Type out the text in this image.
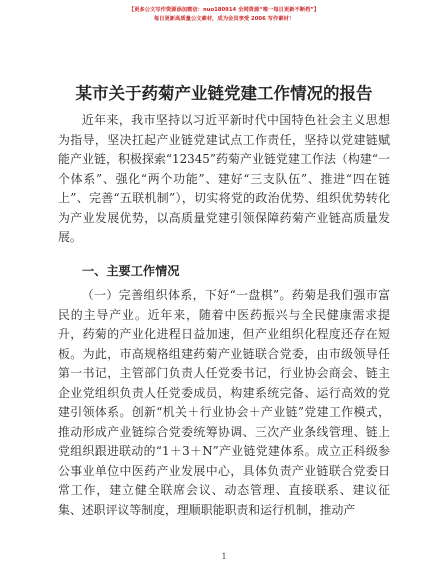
【更多公文写作资源添加微信：nuo180914 全网资源“唯一每日更新不断档”】
每日更新高质量公文素材，成为会员享受 2006 写作素材！
某市关于药菊产业链党建工作情况的报告
近年来，我市坚持以习近平新时代中国特色社会主义思想为指导，坚决扛起产业链党建试点工作责任，坚持以党建链赋能产业链，积极探索“12345”药菊产业链党建工作法（构建“一个体系”、强化“两个功能”、建好“三支队伍”、推进“四在链上”、完善“五联机制”），切实将党的政治优势、组织优势转化为产业发展优势，以高质量党建引领保障药菊产业链高质量发展。
一、主要工作情况
（一）完善组织体系，下好“一盘棋”。药菊是我们强市富民的主导产业。近年来，随着中医药振兴与全民健康需求提升，药菊的产业化进程日益加速，但产业组织化程度还存在短板。为此，市高规格组建药菊产业链联合党委，由市级领导任第一书记，主管部门负责人任党委书记，行业协会商会、链主企业党组织负责人任党委成员，构建系统完备、运行高效的党建引领体系。创新“机关＋行业协会＋产业链”党建工作模式，推动形成产业链综合党委统筹协调、三次产业条线管理、链上党组织跟进联动的“1＋3＋N”产业链党建体系。成立正科级参公事业单位中医药产业发展中心，具体负责产业链联合党委日常工作，建立健全联席会议、动态管理、直接联系、建议征集、述职评议等制度，理顺职能职责和运行机制，推动产
1
